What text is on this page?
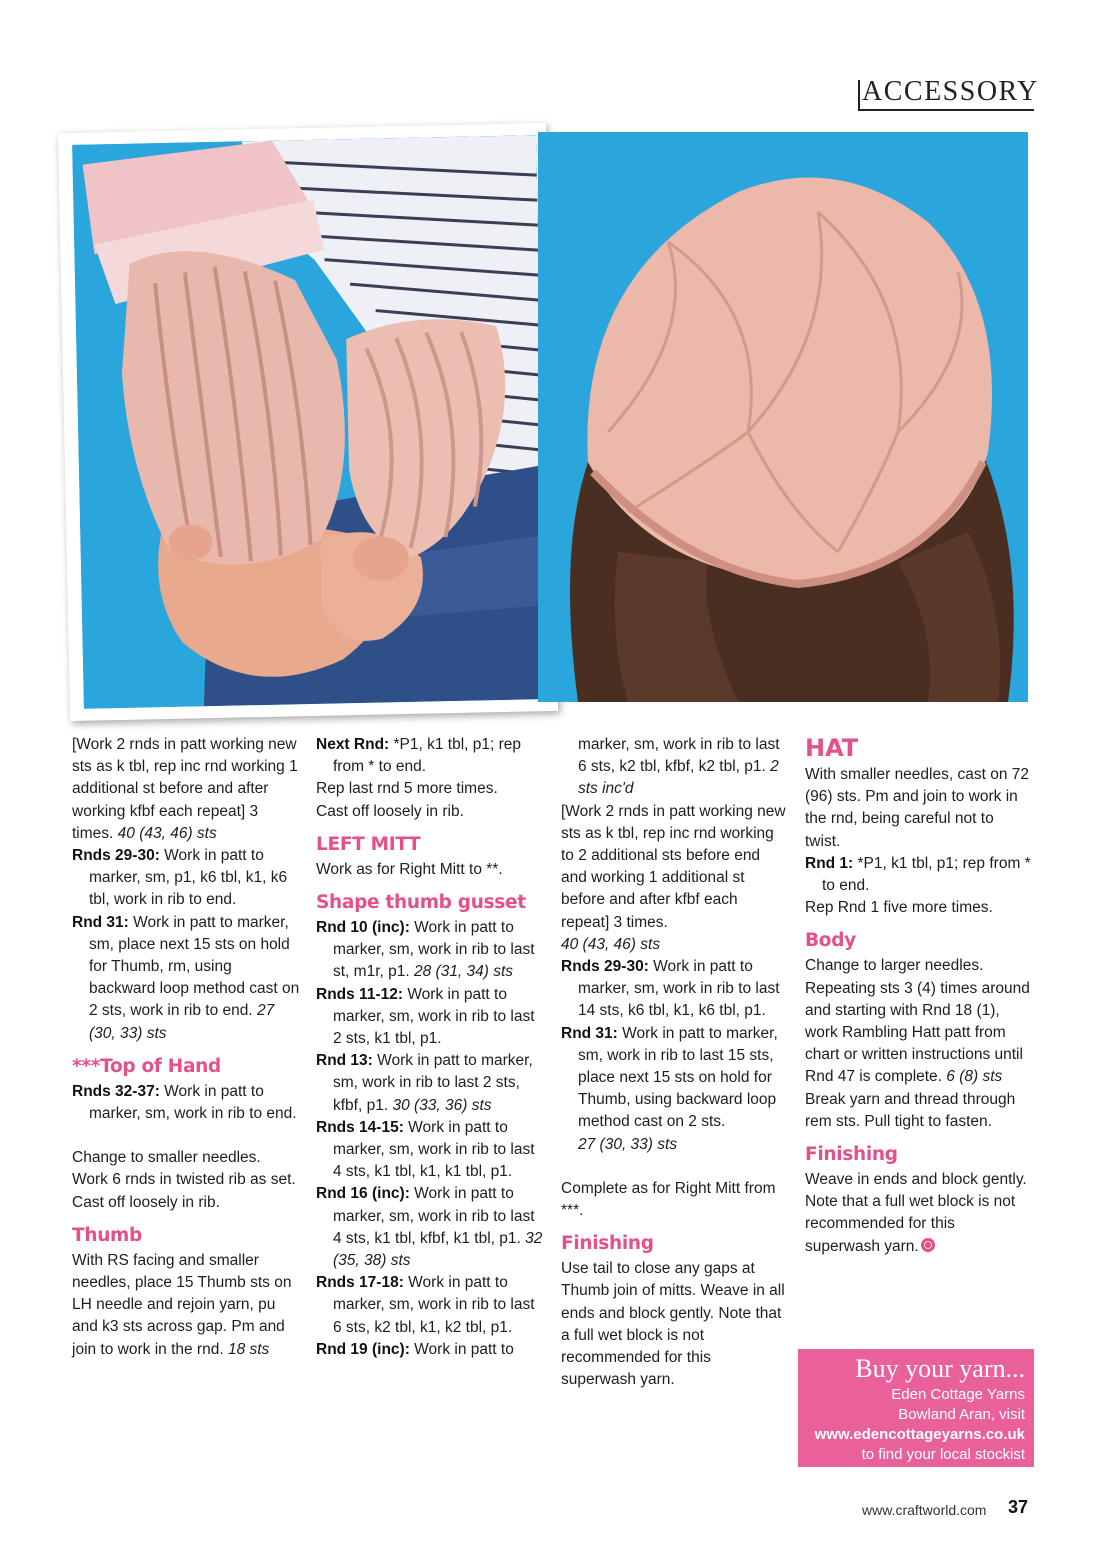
ACCESSORY

[Work 2 rnds in patt working new sts as k tbl, rep inc rnd working 1 additional st before and after working kfbf each repeat] 3 times. 40 (43, 46) sts

Rnds 29-30: Work in patt to marker, sm, p1, k6 tbl, k1, k6 tbl, work in rib to end.

Rnd 31: Work in patt to marker, sm, place next 15 sts on hold for Thumb, rm, using backward loop method cast on 2 sts, work in rib to end. 27 (30, 33) sts

***Top of Hand

Rnds 32-37: Work in patt to marker, sm, work in rib to end.

Change to smaller needles. Work 6 rnds in twisted rib as set.

Cast off loosely in rib.

Thumb

With RS facing and smaller needles, place 15 Thumb sts on LH needle and rejoin yarn, pu and k3 sts across gap. Pm and join to work in the rnd. 18 sts

Next Rnd: *P1, k1 tbl, p1; rep from * to end.

Rep last rnd 5 more times.

Cast off loosely in rib.

LEFT MITT

Work as for Right Mitt to **.

Shape thumb gusset

Rnd 10 (inc): Work in patt to marker, sm, work in rib to last st, m1r, p1. 28 (31, 34) sts

Rnds 11-12: Work in patt to marker, sm, work in rib to last 2 sts, k1 tbl, p1.

Rnd 13: Work in patt to marker, sm, work in rib to last 2 sts, kfbf, p1. 30 (33, 36) sts

Rnds 14-15: Work in patt to marker, sm, work in rib to last 4 sts, k1 tbl, k1, k1 tbl, p1.

Rnd 16 (inc): Work in patt to marker, sm, work in rib to last 4 sts, k1 tbl, kfbf, k1 tbl, p1. 32 (35, 38) sts

Rnds 17-18: Work in patt to marker, sm, work in rib to last 6 sts, k2 tbl, k1, k2 tbl, p1.

Rnd 19 (inc): Work in patt to

marker, sm, work in rib to last 6 sts, k2 tbl, kfbf, k2 tbl, p1. 2 sts inc'd

[Work 2 rnds in patt working new sts as k tbl, rep inc rnd working to 2 additional sts before end and working 1 additional st before and after kfbf each repeat] 3 times.
40 (43, 46) sts

Rnds 29-30: Work in patt to marker, sm, work in rib to last 14 sts, k6 tbl, k1, k6 tbl, p1.

Rnd 31: Work in patt to marker, sm, work in rib to last 15 sts, place next 15 sts on hold for Thumb, using backward loop method cast on 2 sts.
27 (30, 33) sts

Complete as for Right Mitt from ***.

Finishing

Use tail to close any gaps at Thumb join of mitts. Weave in all ends and block gently. Note that a full wet block is not recommended for this superwash yarn.

HAT

With smaller needles, cast on 72 (96) sts. Pm and join to work in the rnd, being careful not to twist.

Rnd 1: *P1, k1 tbl, p1; rep from * to end.

Rep Rnd 1 five more times.

Body

Change to larger needles. Repeating sts 3 (4) times around and starting with Rnd 18 (1), work Rambling Hatt patt from chart or written instructions until Rnd 47 is complete. 6 (8) sts

Break yarn and thread through rem sts. Pull tight to fasten.

Finishing

Weave in ends and block gently. Note that a full wet block is not recommended for this superwash yarn.

Buy your yarn...
Eden Cottage Yarns
Bowland Aran, visit
www.edencottageyarns.co.uk
to find your local stockist
www.craftworld.com 37
